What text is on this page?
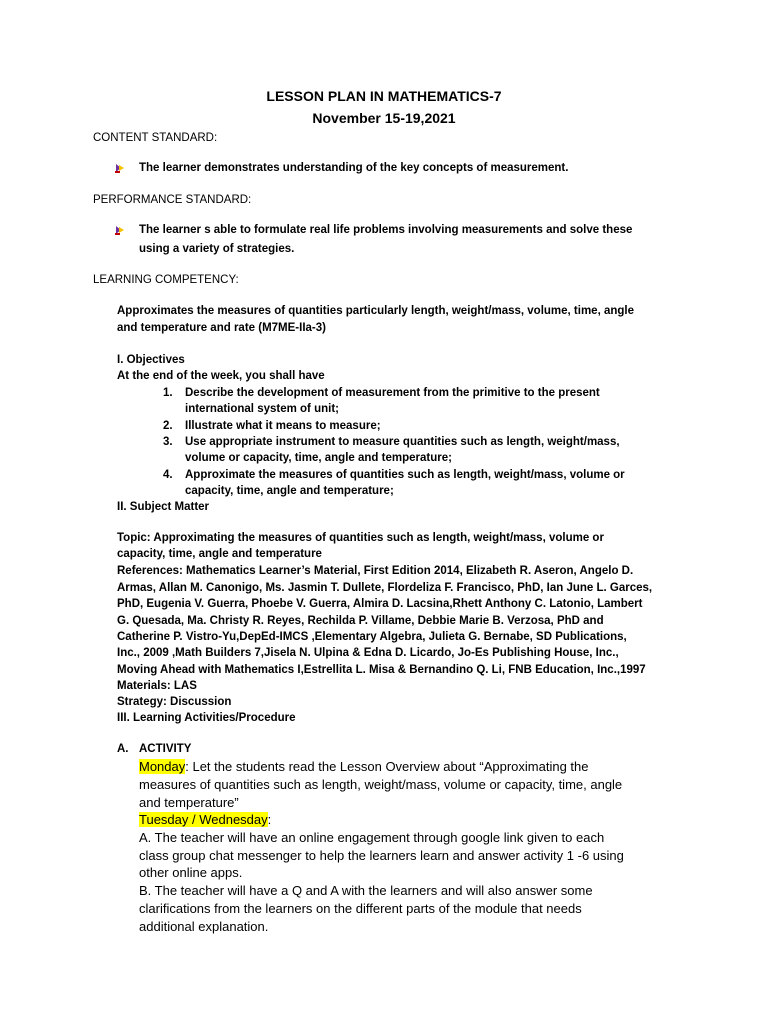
LESSON PLAN IN MATHEMATICS-7
November 15-19,2021
CONTENT STANDARD:
The learner demonstrates understanding of the key concepts of measurement.
PERFORMANCE STANDARD:
The learner s able to formulate real life problems involving measurements and solve these
using a variety of strategies.
LEARNING COMPETENCY:
Approximates the measures of quantities particularly length, weight/mass, volume, time, angle
and temperature and rate (M7ME-IIa-3)
I. Objectives
At the end of the week, you shall have
1. Describe the development of measurement from the primitive to the present
international system of unit;
2. Illustrate what it means to measure;
3. Use appropriate instrument to measure quantities such as length, weight/mass,
volume or capacity, time, angle and temperature;
4. Approximate the measures of quantities such as length, weight/mass, volume or
capacity, time, angle and temperature;
II. Subject Matter
Topic: Approximating the measures of quantities such as length, weight/mass, volume or
capacity, time, angle and temperature
References: Mathematics Learner’s Material, First Edition 2014, Elizabeth R. Aseron, Angelo D.
Armas, Allan M. Canonigo, Ms. Jasmin T. Dullete, Flordeliza F. Francisco, PhD, Ian June L. Garces,
PhD, Eugenia V. Guerra, Phoebe V. Guerra, Almira D. Lacsina,Rhett Anthony C. Latonio, Lambert
G. Quesada, Ma. Christy R. Reyes, Rechilda P. Villame, Debbie Marie B. Verzosa, PhD and
Catherine P. Vistro-Yu,DepEd-IMCS ,Elementary Algebra, Julieta G. Bernabe, SD Publications,
Inc., 2009 ,Math Builders 7,Jisela N. Ulpina & Edna D. Licardo, Jo-Es Publishing House, Inc.,
Moving Ahead with Mathematics I,Estrellita L. Misa & Bernandino Q. Li, FNB Education, Inc.,1997
Materials: LAS
Strategy: Discussion
III. Learning Activities/Procedure
A. ACTIVITY
Monday: Let the students read the Lesson Overview about “Approximating the
measures of quantities such as length, weight/mass, volume or capacity, time, angle
and temperature”
Tuesday / Wednesday:
A. The teacher will have an online engagement through google link given to each
class group chat messenger to help the learners learn and answer activity 1 -6 using
other online apps.
B. The teacher will have a Q and A with the learners and will also answer some
clarifications from the learners on the different parts of the module that needs
additional explanation.
